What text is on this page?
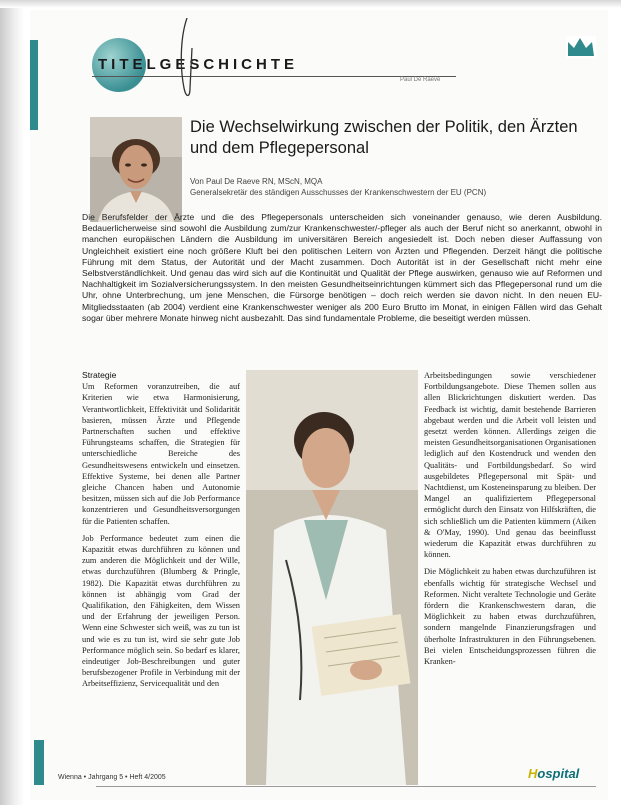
TITELGESCHICHTE
Paul De Raeve
Die Wechselwirkung zwischen der Politik, den Ärzten und dem Pflegepersonal
Von Paul De Raeve RN, MScN, MQA
Generalsekretär des ständigen Ausschusses der Krankenschwestern der EU (PCN)
Die Berufsfelder der Ärzte und die des Pflegepersonals unterscheiden sich voneinander genauso, wie deren Ausbildung. Bedauerlicherweise sind sowohl die Ausbildung zum/zur Krankenschwester/-pfleger als auch der Beruf nicht so anerkannt, obwohl in manchen europäischen Ländern die Ausbildung im universitären Bereich angesiedelt ist. Doch neben dieser Auffassung von Ungleichheit existiert eine noch größere Kluft bei den politischen Leitern von Ärzten und Pflegenden. Derzeit hängt die politische Führung mit dem Status, der Autorität und der Macht zusammen. Doch Autorität ist in der Gesellschaft nicht mehr eine Selbstverständlichkeit. Und genau das wird sich auf die Kontinuität und Qualität der Pflege auswirken, genauso wie auf Reformen und Nachhaltigkeit im Sozialversicherungssystem. In den meisten Gesundheitseinrichtungen kümmert sich das Pflegepersonal rund um die Uhr, ohne Unterbrechung, um jene Menschen, die Fürsorge benötigen – doch reich werden sie davon nicht. In den neuen EU-Mitgliedsstaaten (ab 2004) verdient eine Krankenschwester weniger als 200 Euro Brutto im Monat, in einigen Fällen wird das Gehalt sogar über mehrere Monate hinweg nicht ausbezahlt. Das sind fundamentale Probleme, die beseitigt werden müssen.
Strategie

Um Reformen voranzutreiben, die auf Kriterien wie etwa Harmonisierung, Verantwortlichkeit, Effektivität und Solidarität basieren, müssen Ärzte und Pflegende Partnerschaften suchen und effektive Führungsteams schaffen, die Strategien für unterschiedliche Bereiche des Gesundheitswesens entwickeln und einsetzen. Effektive Systeme, bei denen alle Partner gleiche Chancen haben und Autonomie besitzen, müssen sich auf die Job Performance konzentrieren und Gesundheitsversorgungen für die Patienten schaffen.

Job Performance bedeutet zum einen die Kapazität etwas durchführen zu können und zum anderen die Möglichkeit und der Wille, etwas durchzuführen (Blumberg & Pringle, 1982). Die Kapazität etwas durchführen zu können ist abhängig vom Grad der Qualifikation, den Fähigkeiten, dem Wissen und der Erfahrung der jeweiligen Person. Wenn eine Schwester sich weiß, was zu tun ist und wie es zu tun ist, wird sie sehr gute Job Performance möglich sein. So bedarf es klarer, eindeutiger Job-Beschreibungen und guter berufsbezogener Profile in Verbindung mit der Arbeitseffizienz, Servicequalität und den

Arbeitsbedingungen sowie verschiedener Fortbildungsangebote. Diese Themen sollen aus allen Blickrichtungen diskutiert werden. Das Feedback ist wichtig, damit bestehende Barrieren abgebaut werden und die Arbeit voll leisten und gesetzt werden können. Allerdings zeigen die meisten Gesundheitsorganisationen Organisationen lediglich auf den Kostendruck und wenden den Qualitäts- und Fortbildungsbedarf. So wird ausgebildetes Pflegepersonal mit Spät- und Nachtdienst, um Kosteneinsparung zu bleiben. Der Mangel an qualifiziertem Pflegepersonal ermöglicht durch den Einsatz von Hilfskräften, die sich schließlich um die Patienten kümmern (Aiken & O'May, 1990). Und genau das beeinflusst wiederum die Kapazität etwas durchführen zu können.

Die Möglichkeit zu haben etwas durchzuführen ist ebenfalls wichtig für strategische Wechsel und Reformen. Nicht veraltete Technologie und Geräte fördern die Krankenschwestern daran, die Möglichkeit zu haben etwas durchzuführen, sondern mangelnde Finanzierungsfragen und überholte Infrastrukturen in den Führungsebenen. Bei vielen Entscheidungsprozessen führen die Kranken-

Wienna • Jahrgang 5 • Heft 4/2005	Hospital
